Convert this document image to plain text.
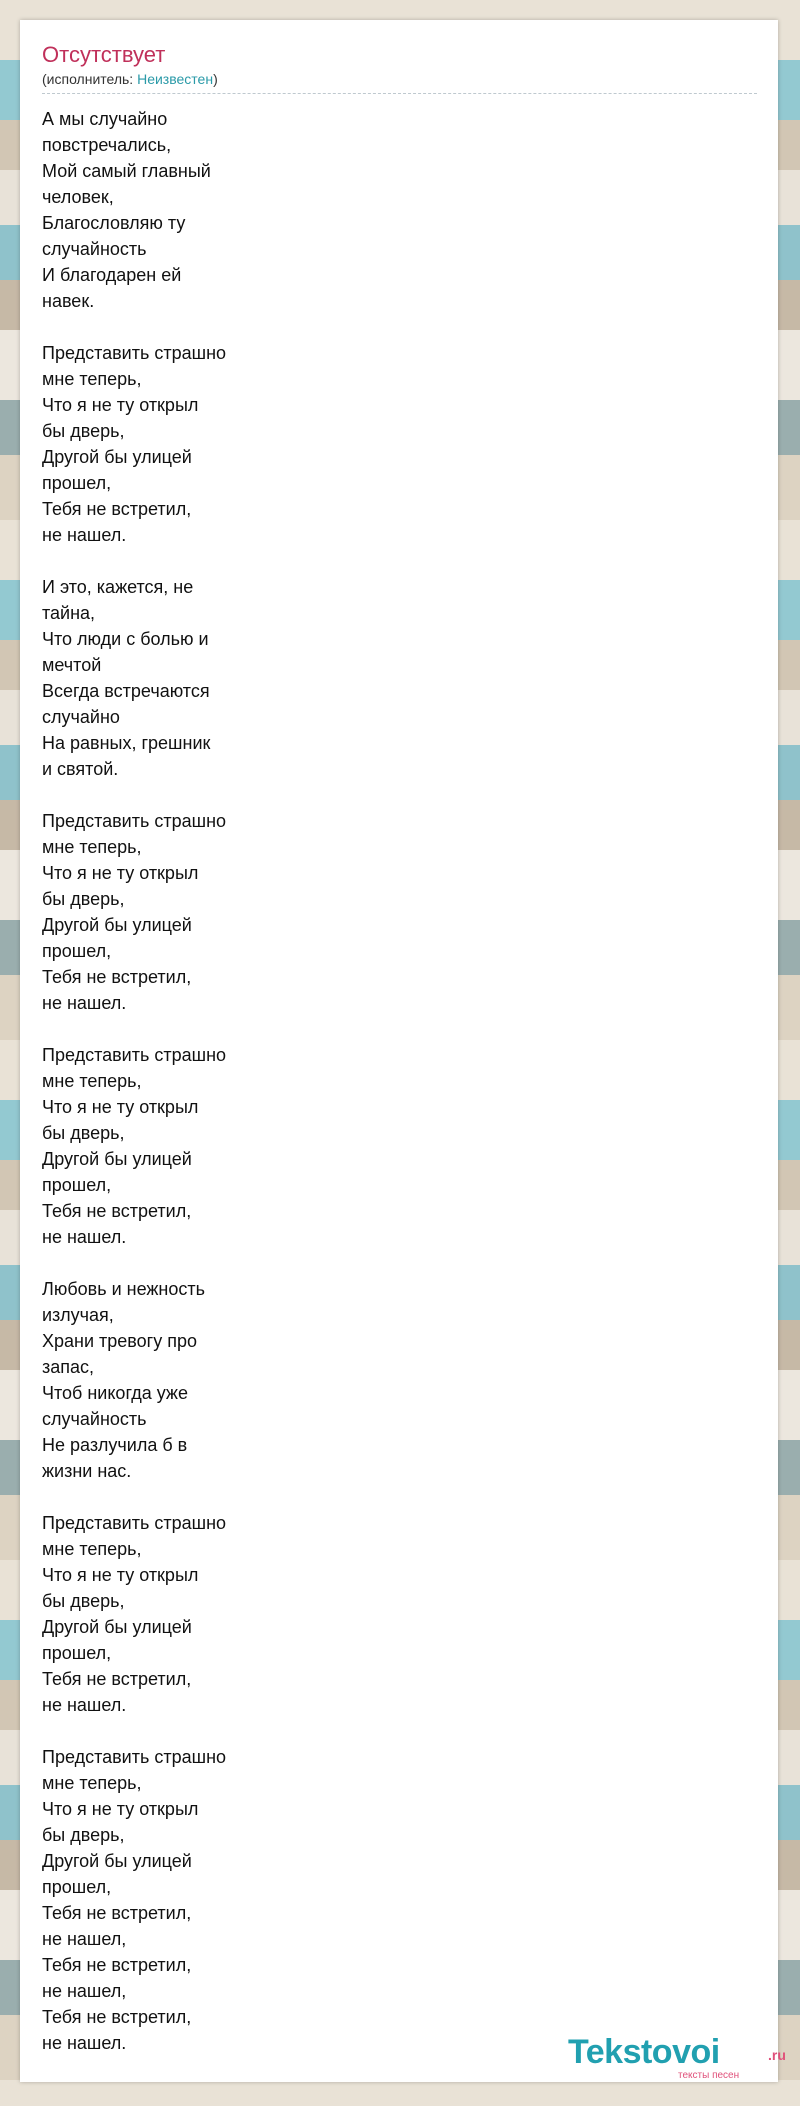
Отсутствует
(исполнитель: Неизвестен)
А мы случайно
повстречались,
Мой самый главный
человек,
Благословляю ту
случайность
И благодарен ей
навек.
Представить страшно
мне теперь,
Что я не ту открыл
бы дверь,
Другой бы улицей
прошел,
Тебя не встретил,
не нашел.
И это, кажется, не
тайна,
Что люди с болью и
мечтой
Всегда встречаются
случайно
На равных, грешник
и святой.
Представить страшно
мне теперь,
Что я не ту открыл
бы дверь,
Другой бы улицей
прошел,
Тебя не встретил,
не нашел.
Представить страшно
мне теперь,
Что я не ту открыл
бы дверь,
Другой бы улицей
прошел,
Тебя не встретил,
не нашел.
Любовь и нежность
излучая,
Храни тревогу про
запас,
Чтоб никогда уже
случайность
Не разлучила б в
жизни нас.
Представить страшно
мне теперь,
Что я не ту открыл
бы дверь,
Другой бы улицей
прошел,
Тебя не встретил,
не нашел.
Представить страшно
мне теперь,
Что я не ту открыл
бы дверь,
Другой бы улицей
прошел,
Тебя не встретил,
не нашел,
Тебя не встретил,
не нашел,
Тебя не встретил,
не нашел.	Tekstovoi	.ru
тексты песен
